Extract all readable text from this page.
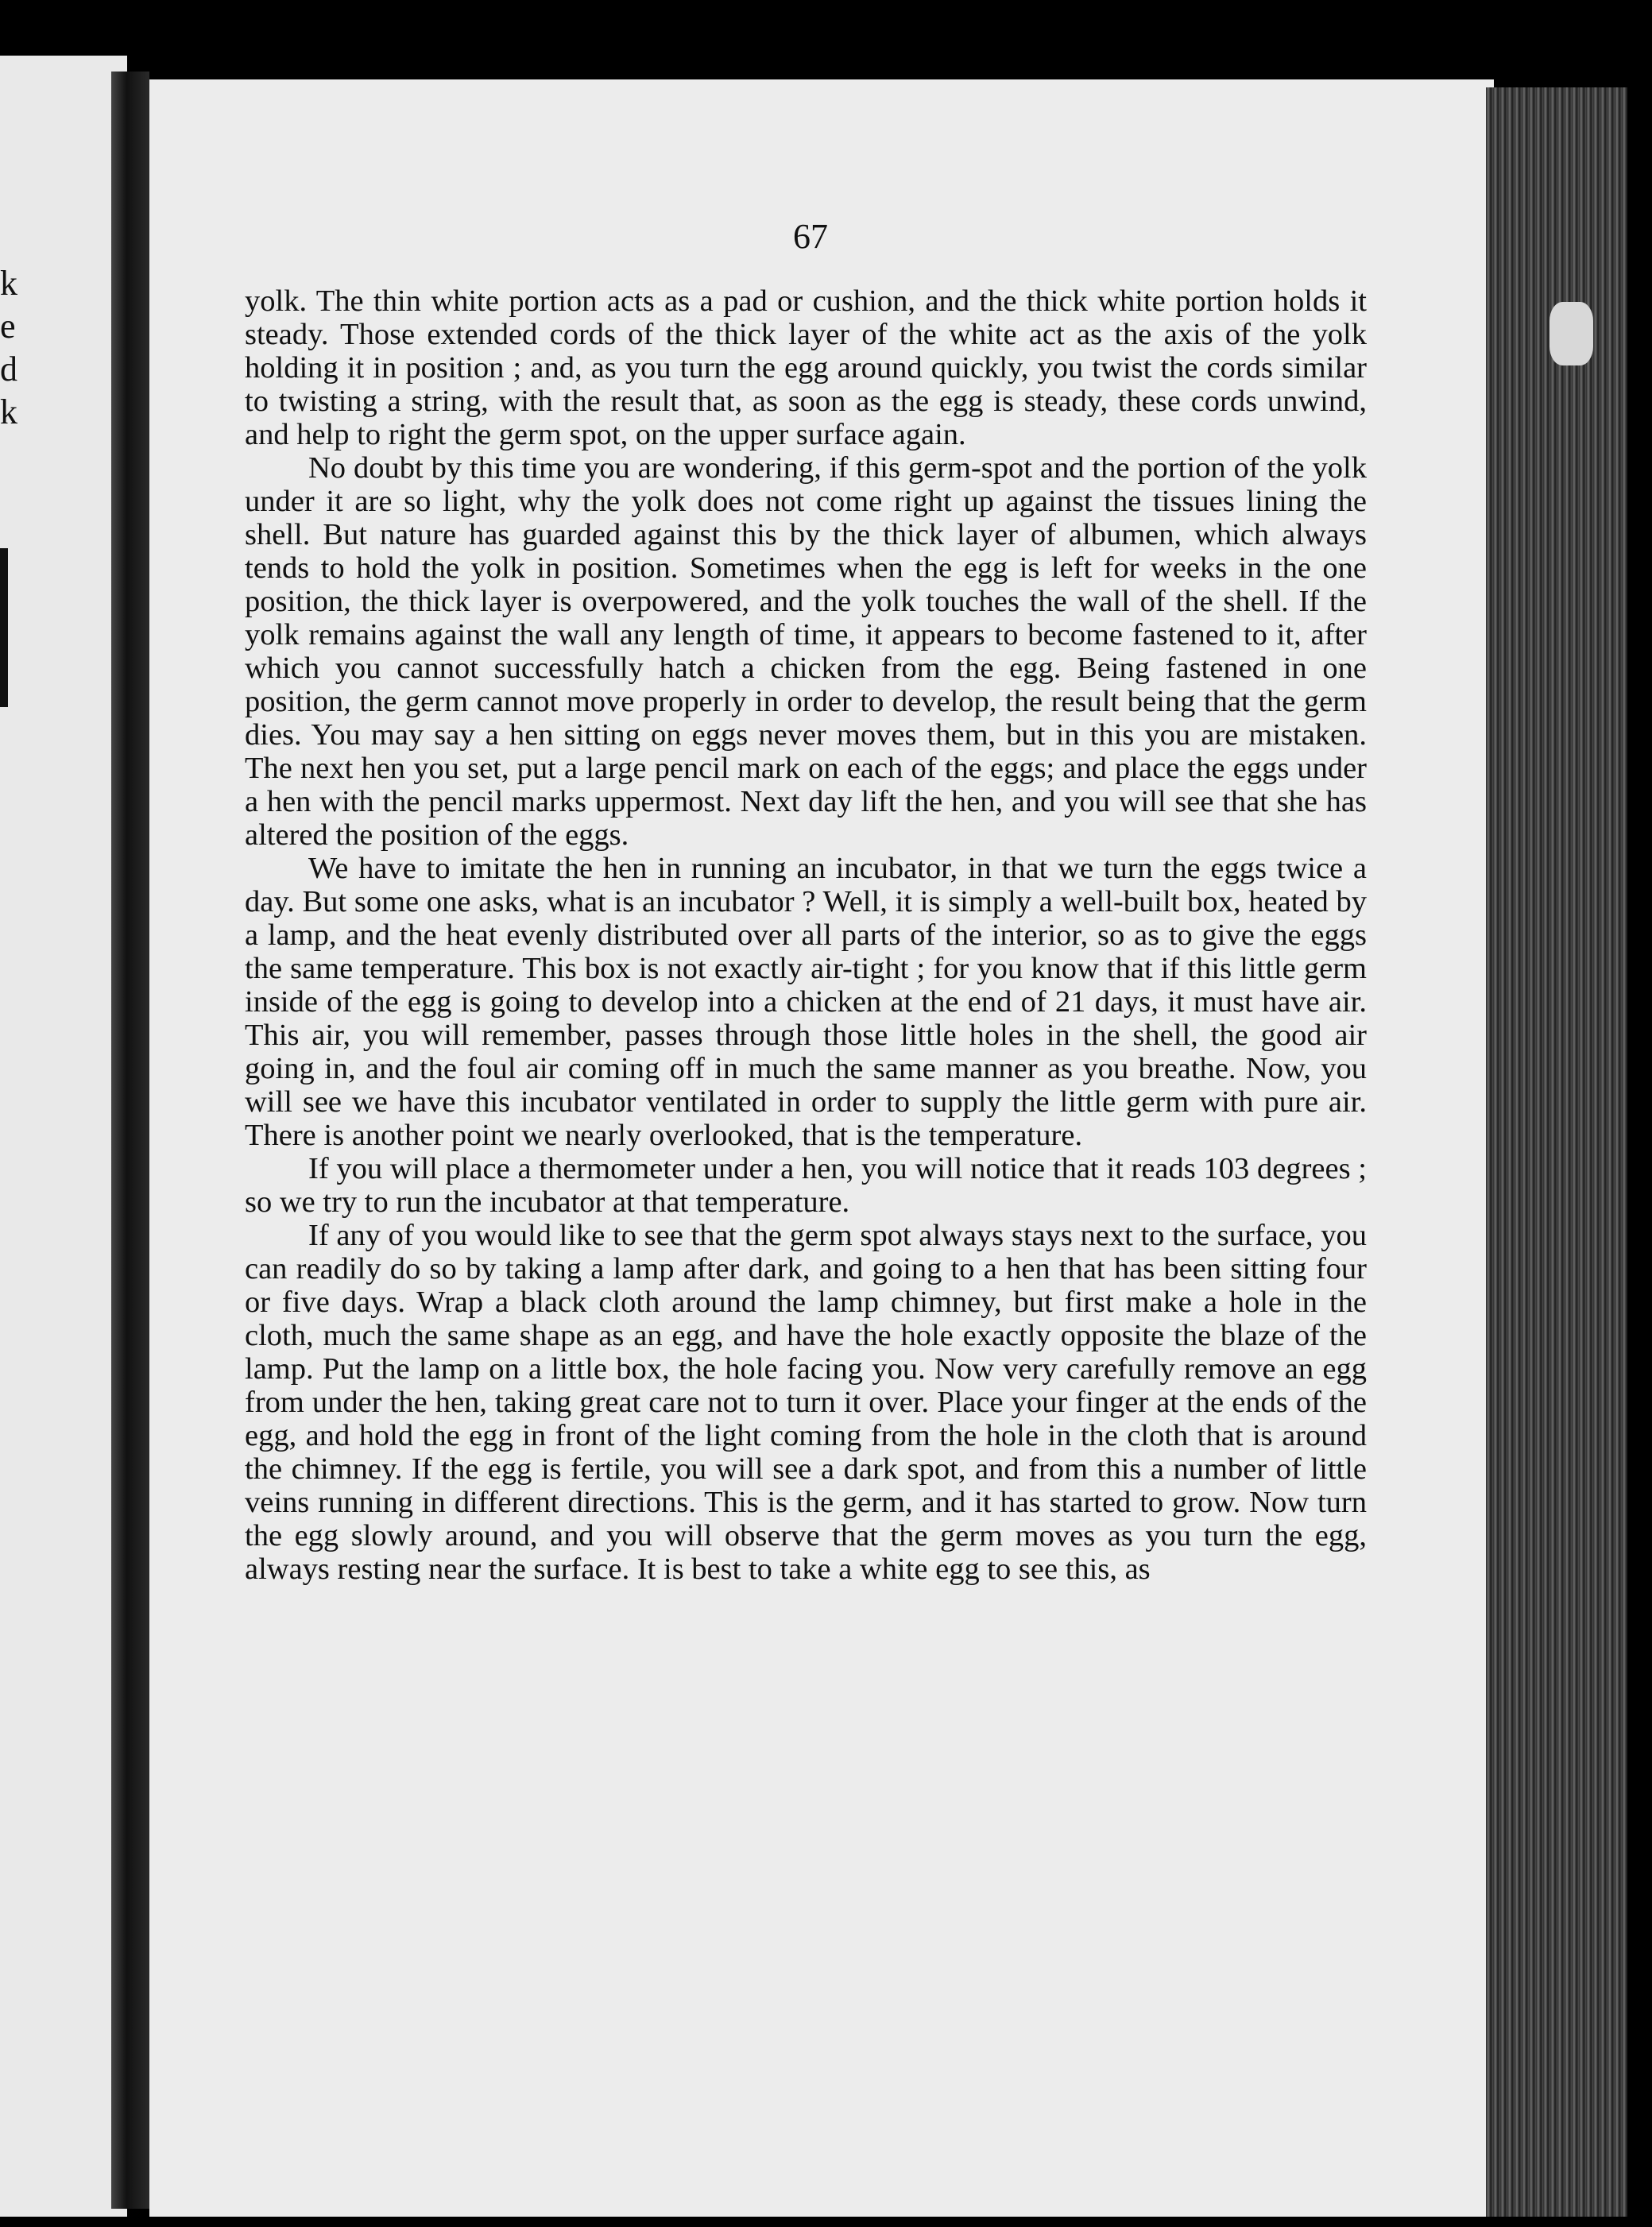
k
e
d
k
67

yolk. The thin white portion acts as a pad or cushion, and the thick white portion holds it steady. Those extended cords of the thick layer of the white act as the axis of the yolk holding it in position ; and, as you turn the egg around quickly, you twist the cords similar to twisting a string, with the result that, as soon as the egg is steady, these cords unwind, and help to right the germ spot, on the upper surface again.

No doubt by this time you are wondering, if this germ-spot and the portion of the yolk under it are so light, why the yolk does not come right up against the tissues lining the shell. But nature has guarded against this by the thick layer of albumen, which always tends to hold the yolk in position. Sometimes when the egg is left for weeks in the one position, the thick layer is overpowered, and the yolk touches the wall of the shell. If the yolk remains against the wall any length of time, it appears to become fastened to it, after which you cannot successfully hatch a chicken from the egg. Being fastened in one position, the germ cannot move properly in order to develop, the result being that the germ dies. You may say a hen sitting on eggs never moves them, but in this you are mistaken. The next hen you set, put a large pencil mark on each of the eggs; and place the eggs under a hen with the pencil marks uppermost. Next day lift the hen, and you will see that she has altered the position of the eggs.

We have to imitate the hen in running an incubator, in that we turn the eggs twice a day. But some one asks, what is an incubator ? Well, it is simply a well-built box, heated by a lamp, and the heat evenly distributed over all parts of the interior, so as to give the eggs the same temperature. This box is not exactly air-tight ; for you know that if this little germ inside of the egg is going to develop into a chicken at the end of 21 days, it must have air. This air, you will remember, passes through those little holes in the shell, the good air going in, and the foul air coming off in much the same manner as you breathe. Now, you will see we have this incubator ventilated in order to supply the little germ with pure air. There is another point we nearly overlooked, that is the temperature.

If you will place a thermometer under a hen, you will notice that it reads 103 degrees ; so we try to run the incubator at that temperature.

If any of you would like to see that the germ spot always stays next to the surface, you can readily do so by taking a lamp after dark, and going to a hen that has been sitting four or five days. Wrap a black cloth around the lamp chimney, but first make a hole in the cloth, much the same shape as an egg, and have the hole exactly opposite the blaze of the lamp. Put the lamp on a little box, the hole facing you. Now very carefully remove an egg from under the hen, taking great care not to turn it over. Place your finger at the ends of the egg, and hold the egg in front of the light coming from the hole in the cloth that is around the chimney. If the egg is fertile, you will see a dark spot, and from this a number of little veins running in different directions. This is the germ, and it has started to grow. Now turn the egg slowly around, and you will observe that the germ moves as you turn the egg, always resting near the surface. It is best to take a white egg to see this, as
